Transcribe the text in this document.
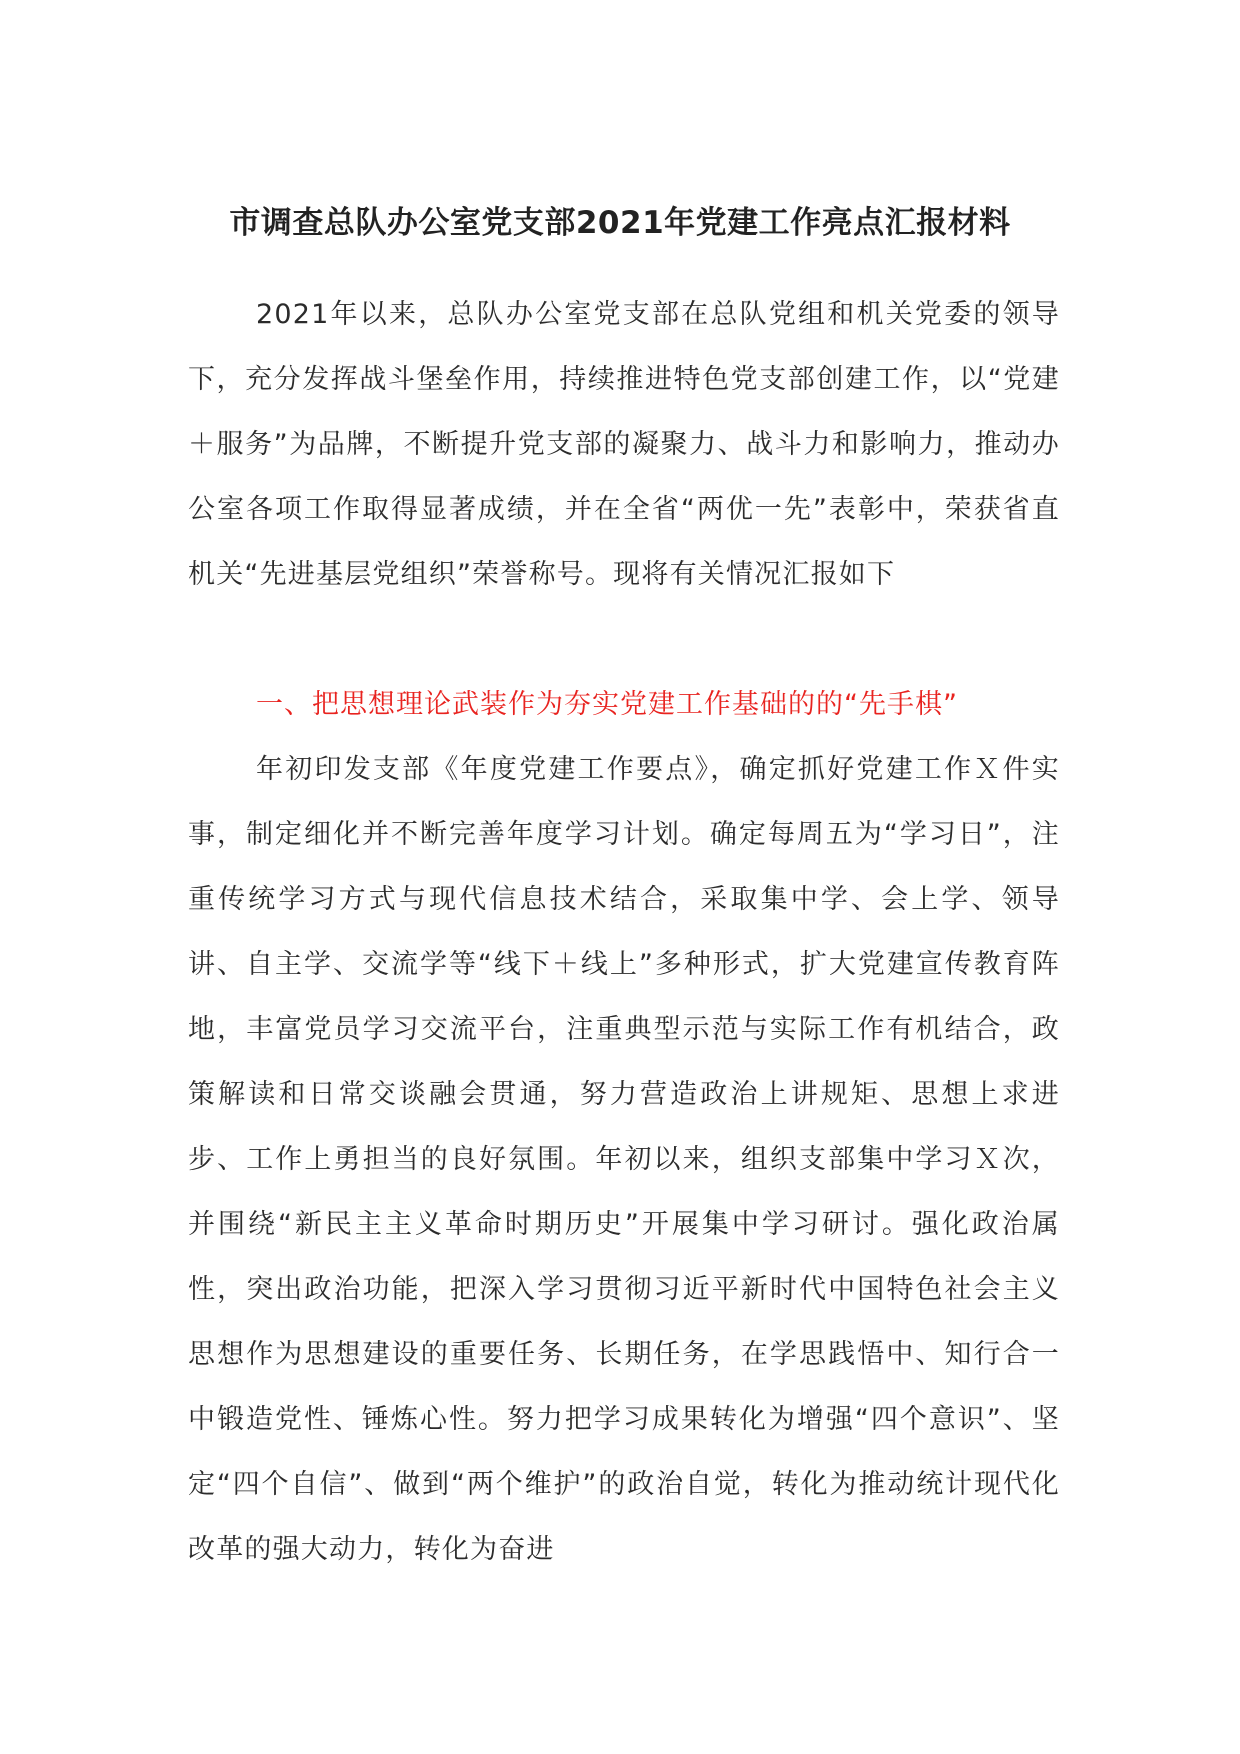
市调查总队办公室党支部2021年党建工作亮点汇报材料
2021年以来，总队办公室党支部在总队党组和机关党委的领导下，充分发挥战斗堡垒作用，持续推进特色党支部创建工作，以“党建＋服务”为品牌，不断提升党支部的凝聚力、战斗力和影响力，推动办公室各项工作取得显著成绩，并在全省“两优一先”表彰中，荣获省直机关“先进基层党组织”荣誉称号。现将有关情况汇报如下
一、把思想理论武装作为夯实党建工作基础的的“先手棋”
年初印发支部《年度党建工作要点》，确定抓好党建工作Ｘ件实事，制定细化并不断完善年度学习计划。确定每周五为“学习日”，注重传统学习方式与现代信息技术结合，采取集中学、会上学、领导讲、自主学、交流学等“线下＋线上”多种形式，扩大党建宣传教育阵地，丰富党员学习交流平台，注重典型示范与实际工作有机结合，政策解读和日常交谈融会贯通，努力营造政治上讲规矩、思想上求进步、工作上勇担当的良好氛围。年初以来，组织支部集中学习Ｘ次，并围绕“新民主主义革命时期历史”开展集中学习研讨。强化政治属性，突出政治功能，把深入学习贯彻习近平新时代中国特色社会主义思想作为思想建设的重要任务、长期任务，在学思践悟中、知行合一中锻造党性、锤炼心性。努力把学习成果转化为增强“四个意识”、坚定“四个自信”、做到“两个维护”的政治自觉，转化为推动统计现代化改革的强大动力，转化为奋进
